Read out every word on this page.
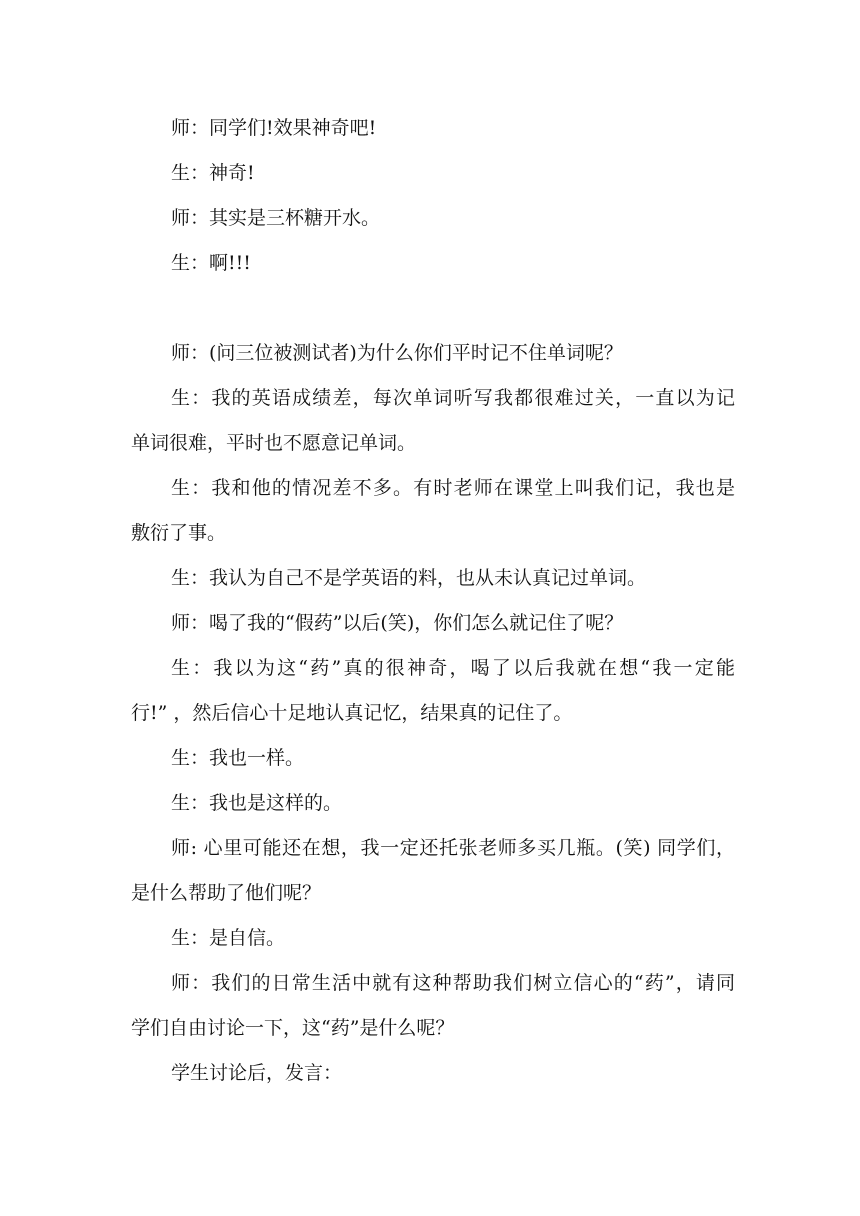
师：同学们!效果神奇吧!
生：神奇!
师：其实是三杯糖开水。
生：啊!!!
师：(问三位被测试者)为什么你们平时记不住单词呢？
生：我的英语成绩差，每次单词听写我都很难过关，一直以为记
单词很难，平时也不愿意记单词。
生：我和他的情况差不多。有时老师在课堂上叫我们记，我也是
敷衍了事。
生：我认为自己不是学英语的料，也从未认真记过单词。
师：喝了我的“假药”以后(笑)，你们怎么就记住了呢？
生：我以为这“药”真的很神奇，喝了以后我就在想“我一定能
行!” ，然后信心十足地认真记忆，结果真的记住了。
生：我也一样。
生：我也是这样的。
师: 心里可能还在想，我一定还托张老师多买几瓶。(笑) 同学们，
是什么帮助了他们呢？
生：是自信。
师：我们的日常生活中就有这种帮助我们树立信心的“药”，请同
学们自由讨论一下，这“药”是什么呢？
学生讨论后，发言：
